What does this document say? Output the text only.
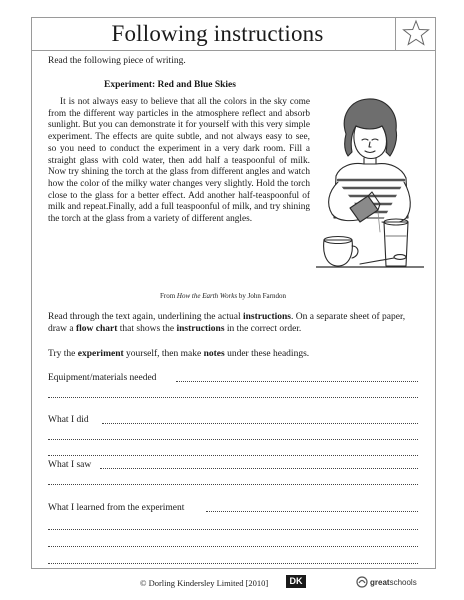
Following instructions
Read the following piece of writing.
Experiment: Red and Blue Skies

It is not always easy to believe that all the colors in the sky come from the different way particles in the atmosphere reflect and absorb sunlight. But you can demonstrate it for yourself with this very simple experiment. The effects are quite subtle, and not always easy to see, so you need to conduct the experiment in a very dark room. Fill a straight glass with cold water, then add half a teaspoonful of milk. Now try shining the torch at the glass from different angles and watch how the color of the milky water changes very slightly. Hold the torch close to the glass for a better effect. Add another half-teaspoonful of milk and repeat.Finally, add a full teaspoonful of milk, and try shining the torch at the glass from a variety of different angles.

From How the Earth Works by John Farndon

Read through the text again, underlining the actual instructions. On a separate sheet of paper, draw a flow chart that shows the instructions in the correct order.

Try the experiment yourself, then make notes under these headings.

Equipment/materials needed
What I did
What I saw
What I learned from the experiment
© Dorling Kindersley Limited [2010]	DK	greatschools
